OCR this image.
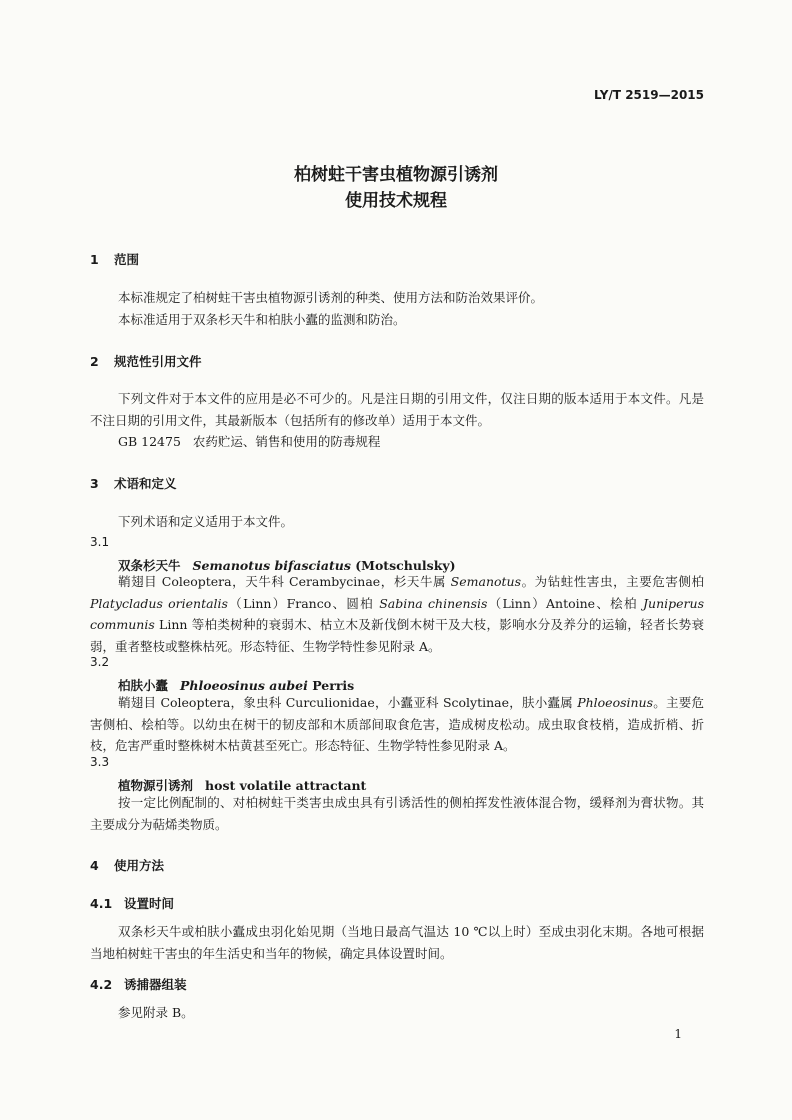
LY/T 2519—2015
柏树蛀干害虫植物源引诱剂
使用技术规程
1 范围
本标准规定了柏树蛀干害虫植物源引诱剂的种类、使用方法和防治效果评价。
本标准适用于双条杉天牛和柏肤小蠹的监测和防治。
2 规范性引用文件
下列文件对于本文件的应用是必不可少的。凡是注日期的引用文件，仅注日期的版本适用于本文件。凡是不注日期的引用文件，其最新版本（包括所有的修改单）适用于本文件。
GB 12475 农药贮运、销售和使用的防毒规程
3 术语和定义
下列术语和定义适用于本文件。
3.1
双条杉天牛 Semanotus bifasciatus (Motschulsky)
鞘翅目 Coleoptera，天牛科 Cerambycinae，杉天牛属 Semanotus。为钻蛀性害虫，主要危害侧柏 Platycladus orientalis（Linn）Franco、圆柏 Sabina chinensis（Linn）Antoine、桧柏 Juniperus communis Linn 等柏类树种的衰弱木、枯立木及新伐倒木树干及大枝，影响水分及养分的运输，轻者长势衰弱，重者整枝或整株枯死。形态特征、生物学特性参见附录 A。
3.2
柏肤小蠹 Phloeosinus aubei Perris
鞘翅目 Coleoptera，象虫科 Curculionidae，小蠹亚科 Scolytinae，肤小蠹属 Phloeosinus。主要危害侧柏、桧柏等。以幼虫在树干的韧皮部和木质部间取食危害，造成树皮松动。成虫取食枝梢，造成折梢、折枝，危害严重时整株树木枯黄甚至死亡。形态特征、生物学特性参见附录 A。
3.3
植物源引诱剂 host volatile attractant
按一定比例配制的、对柏树蛀干类害虫成虫具有引诱活性的侧柏挥发性液体混合物，缓释剂为膏状物。其主要成分为萜烯类物质。
4 使用方法
4.1 设置时间
双条杉天牛或柏肤小蠹成虫羽化始见期（当地日最高气温达 10 ℃以上时）至成虫羽化末期。各地可根据当地柏树蛀干害虫的年生活史和当年的物候，确定具体设置时间。
4.2 诱捕器组装
参见附录 B。
1
